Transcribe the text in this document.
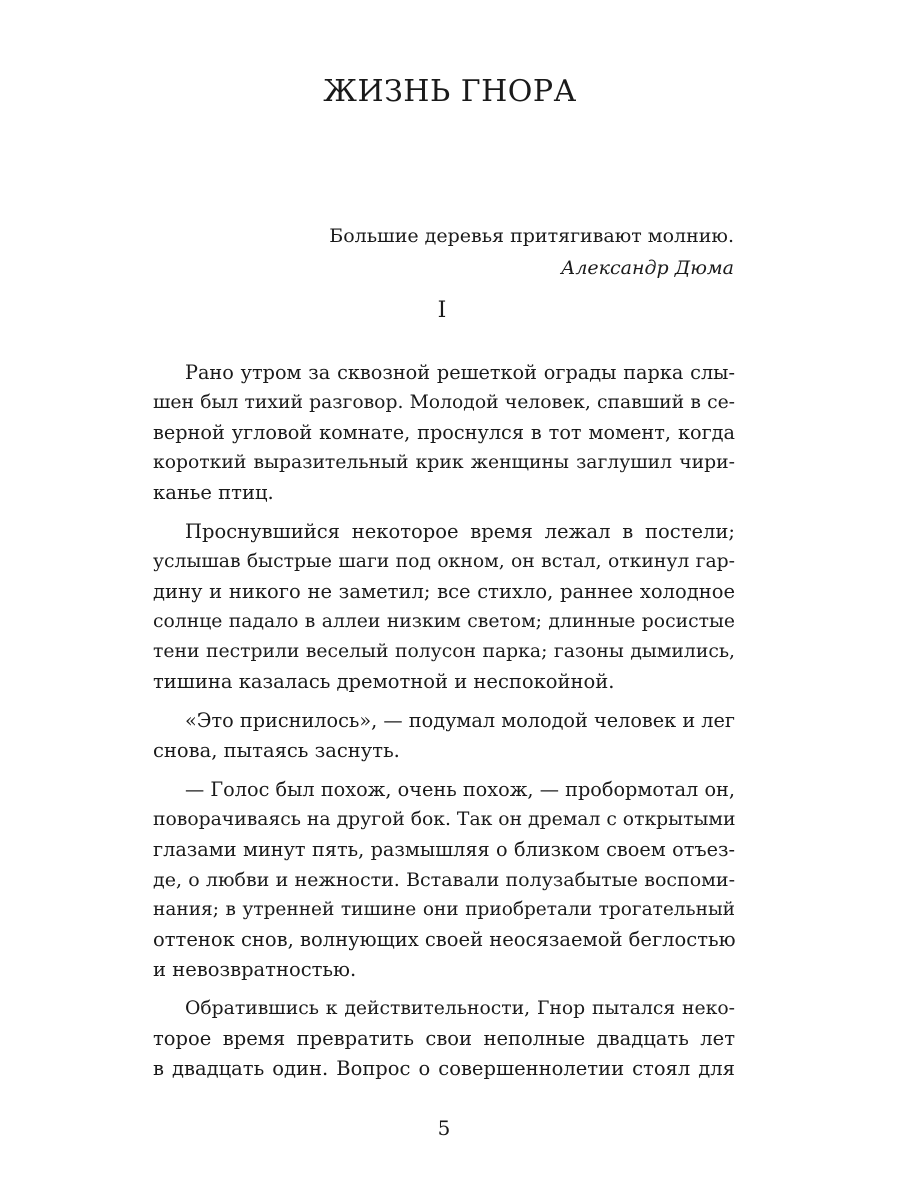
ЖИЗНЬ ГНОРА
Большие деревья притягивают молнию.
Александр Дюма
I
Рано утром за сквозной решеткой ограды парка слы-
шен был тихий разговор. Молодой человек, спавший в се-
верной угловой комнате, проснулся в тот момент, когда
короткий выразительный крик женщины заглушил чири-
канье птиц.
Проснувшийся некоторое время лежал в постели;
услышав быстрые шаги под окном, он встал, откинул гар-
дину и никого не заметил; все стихло, раннее холодное
солнце падало в аллеи низким светом; длинные росистые
тени пестрили веселый полусон парка; газоны дымились,
тишина казалась дремотной и неспокойной.
«Это приснилось», — подумал молодой человек и лег
снова, пытаясь заснуть.
— Голос был похож, очень похож, — пробормотал он,
поворачиваясь на другой бок. Так он дремал с открытыми
глазами минут пять, размышляя о близком своем отъез-
де, о любви и нежности. Вставали полузабытые воспоми-
нания; в утренней тишине они приобретали трогательный
оттенок снов, волнующих своей неосязаемой беглостью
и невозвратностью.
Обратившись к действительности, Гнор пытался неко-
торое время превратить свои неполные двадцать лет
в двадцать один. Вопрос о совершеннолетии стоял для
5
